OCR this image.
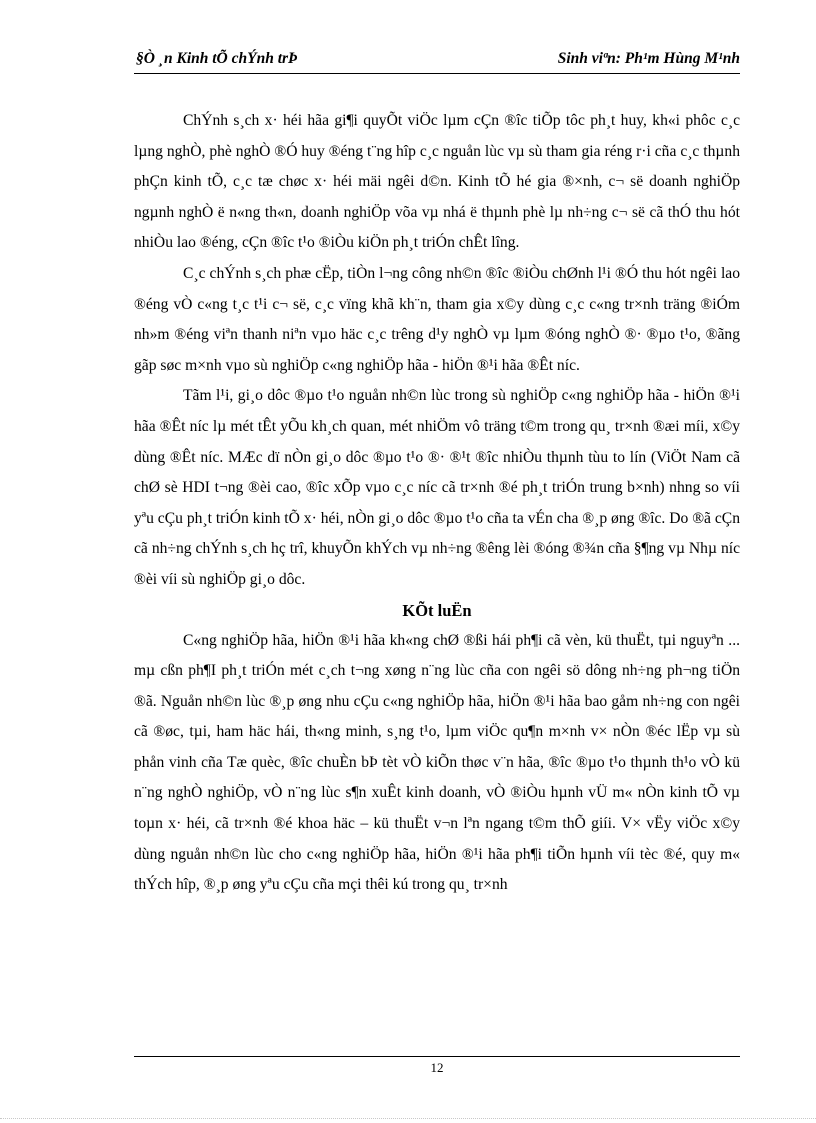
§Ò ¸n Kinh tÕ chÝnh trÞ	Sinh viªn: Ph¹m Hùng M¹nh

ChÝnh s¸ch x· héi hãa gi¶i quyÕt viÖc lµm cÇn ®îc tiÕp tôc ph¸t huy, kh«i phôc c¸c lµng nghÒ, phè nghÒ ®Ó huy ®éng t¨ng hîp c¸c nguån lùc vµ sù tham gia réng r·i cña c¸c thµnh phÇn kinh tÕ, c¸c tæ chøc x· héi mäi ngêi d©n. Kinh tÕ hé gia ®×nh, c¬ së doanh nghiÖp ngµnh nghÒ ë n«ng th«n, doanh nghiÖp võa vµ nhá ë thµnh phè lµ nh÷ng c¬ së cã thÓ thu hót nhiÒu lao ®éng, cÇn ®îc t¹o ®iÒu kiÖn ph¸t triÓn chÊt lîng.

C¸c chÝnh s¸ch phæ cËp, tiÒn l¬ng công nh©n ®îc ®iÒu chØnh l¹i ®Ó thu hót ngêi lao ®éng vÒ c«ng t¸c t¹i c¬ së, c¸c vïng khã kh¨n, tham gia x©y dùng c¸c c«ng tr×nh träng ®iÓm nh»m ®éng viªn thanh niªn vµo häc c¸c trêng d¹y nghÒ vµ lµm ®óng nghÒ ®· ®µo t¹o, ®ãng gãp søc m×nh vµo sù nghiÖp c«ng nghiÖp hãa - hiÖn ®¹i hãa ®Êt níc.

Tãm l¹i, gi¸o dôc ®µo t¹o nguån nh©n lùc trong sù nghiÖp c«ng nghiÖp hãa - hiÖn ®¹i hãa ®Êt níc lµ mét tÊt yÕu kh¸ch quan, mét nhiÖm vô träng t©m trong qu¸ tr×nh ®æi míi, x©y dùng ®Êt níc. MÆc dï nÒn gi¸o dôc ®µo t¹o ®· ®¹t ®îc nhiÒu thµnh tùu to lín (ViÖt Nam cã chØ sè HDI t¬ng ®èi cao, ®îc xÕp vµo c¸c níc cã tr×nh ®é ph¸t triÓn trung b×nh) nhng so víi yªu cÇu ph¸t triÓn kinh tÕ x· héi, nÒn gi¸o dôc ®µo t¹o cña ta vÉn cha ®¸p øng ®îc. Do ®ã cÇn cã nh÷ng chÝnh s¸ch hç trî, khuyÕn khÝch vµ nh÷ng ®êng lèi ®óng ®¾n cña §¶ng vµ Nhµ níc ®èi víi sù nghiÖp gi¸o dôc.

KÕt luËn

C«ng nghiÖp hãa, hiÖn ®¹i hãa kh«ng chØ ®ßi hái ph¶i cã vèn, kü thuËt, tµi nguyªn ... mµ cßn ph¶I ph¸t triÓn mét c¸ch t¬ng xøng n¨ng lùc cña con ngêi sö dông nh÷ng ph¬ng tiÖn ®ã. Nguån nh©n lùc ®¸p øng nhu cÇu c«ng nghiÖp hãa, hiÖn ®¹i hãa bao gåm nh÷ng con ngêi cã ®øc, tµi, ham häc hái, th«ng minh, s¸ng t¹o, lµm viÖc qu¶n m×nh v× nÒn ®éc lËp vµ sù phån vinh cña Tæ quèc, ®îc chuÈn bÞ tèt vÒ kiÕn thøc v¨n hãa, ®îc ®µo t¹o thµnh th¹o vÒ kü n¨ng nghÒ nghiÖp, vÒ n¨ng lùc s¶n xuÊt kinh doanh, vÒ ®iÒu hµnh vÜ m« nÒn kinh tÕ vµ toµn x· héi, cã tr×nh ®é khoa häc – kü thuËt v¬n lªn ngang t©m thÕ giíi. V× vËy viÖc x©y dùng nguån nh©n lùc cho c«ng nghiÖp hãa, hiÖn ®¹i hãa ph¶i tiÕn hµnh víi tèc ®é, quy m« thÝch hîp, ®¸p øng yªu cÇu cña mçi thêi kú trong qu¸ tr×nh

12
